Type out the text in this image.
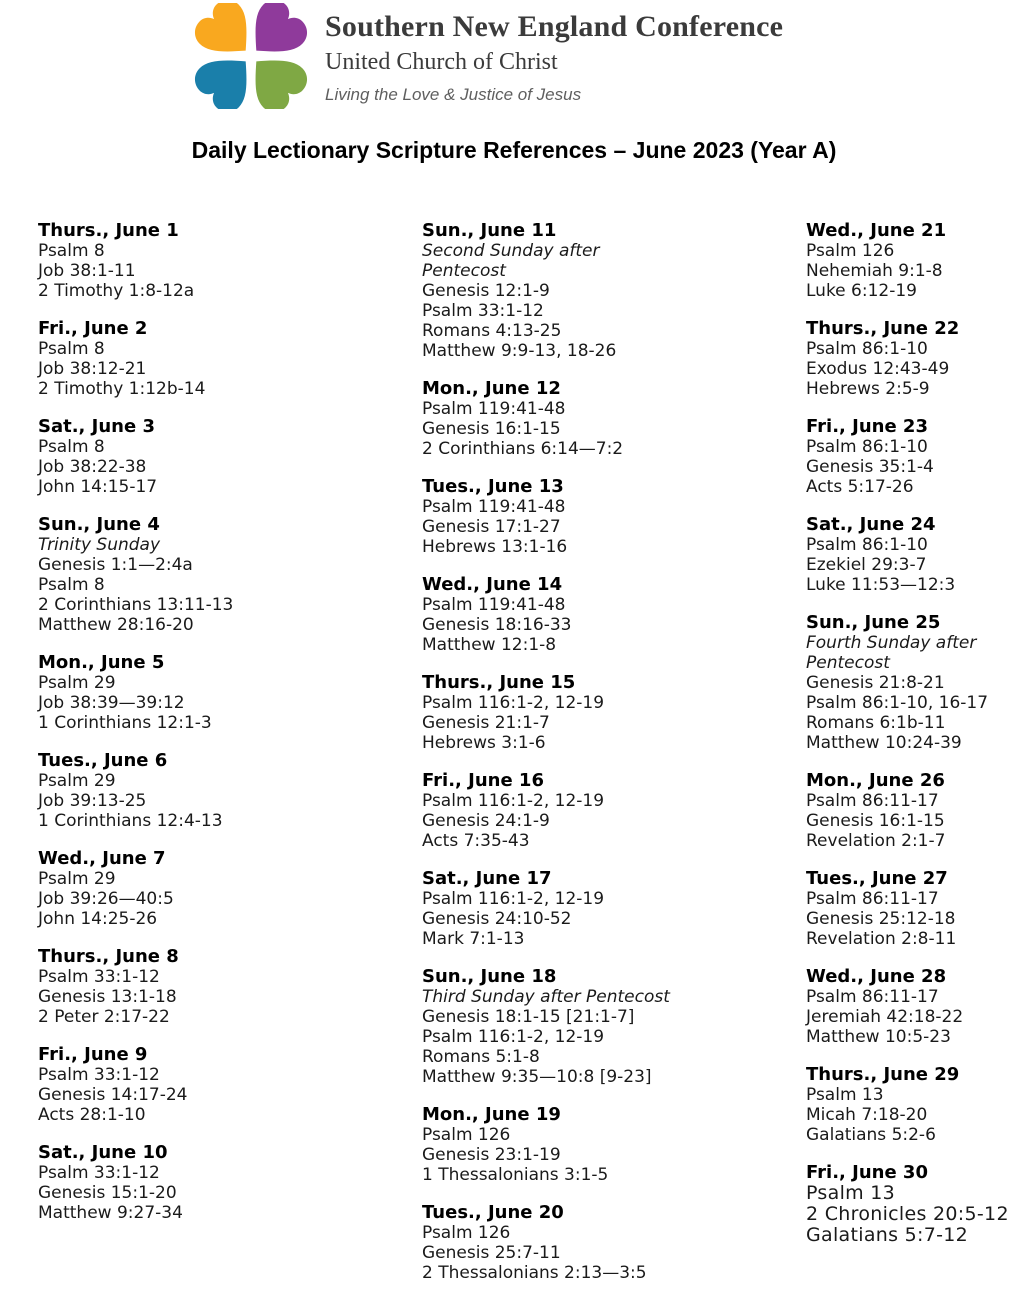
Southern New England Conference
United Church of Christ
Living the Love & Justice of Jesus
Daily Lectionary Scripture References – June 2023 (Year A)
Thurs., June 1
Psalm 8
Job 38:1-11
2 Timothy 1:8-12a
Fri., June 2
Psalm 8
Job 38:12-21
2 Timothy 1:12b-14
Sat., June 3
Psalm 8
Job 38:22-38
John 14:15-17
Sun., June 4
Trinity Sunday
Genesis 1:1—2:4a
Psalm 8
2 Corinthians 13:11-13
Matthew 28:16-20
Mon., June 5
Psalm 29
Job 38:39—39:12
1 Corinthians 12:1-3
Tues., June 6
Psalm 29
Job 39:13-25
1 Corinthians 12:4-13
Wed., June 7
Psalm 29
Job 39:26—40:5
John 14:25-26
Thurs., June 8
Psalm 33:1-12
Genesis 13:1-18
2 Peter 2:17-22
Fri., June 9
Psalm 33:1-12
Genesis 14:17-24
Acts 28:1-10
Sat., June 10
Psalm 33:1-12
Genesis 15:1-20
Matthew 9:27-34
Sun., June 11
Second Sunday after
Pentecost
Genesis 12:1-9
Psalm 33:1-12
Romans 4:13-25
Matthew 9:9-13, 18-26
Mon., June 12
Psalm 119:41-48
Genesis 16:1-15
2 Corinthians 6:14—7:2
Tues., June 13
Psalm 119:41-48
Genesis 17:1-27
Hebrews 13:1-16
Wed., June 14
Psalm 119:41-48
Genesis 18:16-33
Matthew 12:1-8
Thurs., June 15
Psalm 116:1-2, 12-19
Genesis 21:1-7
Hebrews 3:1-6
Fri., June 16
Psalm 116:1-2, 12-19
Genesis 24:1-9
Acts 7:35-43
Sat., June 17
Psalm 116:1-2, 12-19
Genesis 24:10-52
Mark 7:1-13
Sun., June 18
Third Sunday after Pentecost
Genesis 18:1-15 [21:1-7]
Psalm 116:1-2, 12-19
Romans 5:1-8
Matthew 9:35—10:8 [9-23]
Mon., June 19
Psalm 126
Genesis 23:1-19
1 Thessalonians 3:1-5
Tues., June 20
Psalm 126
Genesis 25:7-11
2 Thessalonians 2:13—3:5
Wed., June 21
Psalm 126
Nehemiah 9:1-8
Luke 6:12-19
Thurs., June 22
Psalm 86:1-10
Exodus 12:43-49
Hebrews 2:5-9
Fri., June 23
Psalm 86:1-10
Genesis 35:1-4
Acts 5:17-26
Sat., June 24
Psalm 86:1-10
Ezekiel 29:3-7
Luke 11:53—12:3
Sun., June 25
Fourth Sunday after
Pentecost
Genesis 21:8-21
Psalm 86:1-10, 16-17
Romans 6:1b-11
Matthew 10:24-39
Mon., June 26
Psalm 86:11-17
Genesis 16:1-15
Revelation 2:1-7
Tues., June 27
Psalm 86:11-17
Genesis 25:12-18
Revelation 2:8-11
Wed., June 28
Psalm 86:11-17
Jeremiah 42:18-22
Matthew 10:5-23
Thurs., June 29
Psalm 13
Micah 7:18-20
Galatians 5:2-6
Fri., June 30
Psalm 13
2 Chronicles 20:5-12
Galatians 5:7-12
